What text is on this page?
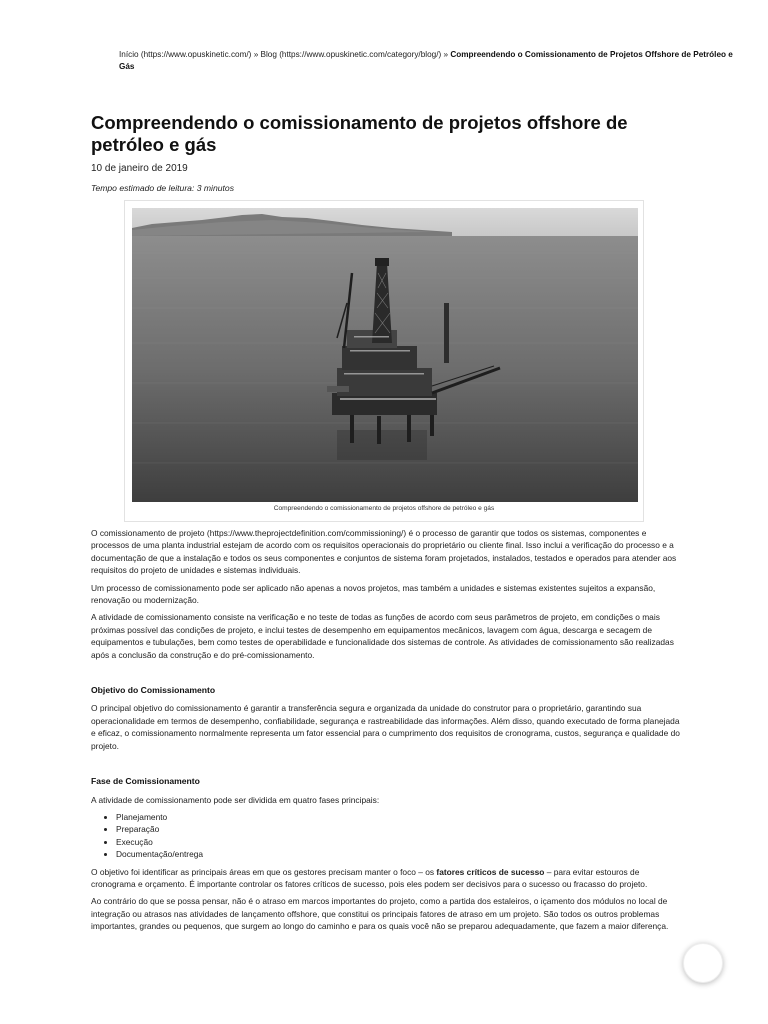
Início (https://www.opuskinetic.com/) » Blog (https://www.opuskinetic.com/category/blog/) » Compreendendo o Comissionamento de Projetos Offshore de Petróleo e Gás
Compreendendo o comissionamento de projetos offshore de petróleo e gás
10 de janeiro de 2019
Tempo estimado de leitura: 3 minutos
Compreendendo o comissionamento de projetos offshore de petróleo e gás

O comissionamento de projeto (https://www.theprojectdefinition.com/commissioning/) é o processo de garantir que todos os sistemas, componentes e processos de uma planta industrial estejam de acordo com os requisitos operacionais do proprietário ou cliente final. Isso inclui a verificação do processo e a documentação de que a instalação e todos os seus componentes e conjuntos de sistema foram projetados, instalados, testados e operados para atender aos requisitos do projeto de unidades e sistemas individuais.

Um processo de comissionamento pode ser aplicado não apenas a novos projetos, mas também a unidades e sistemas existentes sujeitos a expansão, renovação ou modernização.

A atividade de comissionamento consiste na verificação e no teste de todas as funções de acordo com seus parâmetros de projeto, em condições o mais próximas possível das condições de projeto, e inclui testes de desempenho em equipamentos mecânicos, lavagem com água, descarga e secagem de equipamentos e tubulações, bem como testes de operabilidade e funcionalidade dos sistemas de controle. As atividades de comissionamento são realizadas após a conclusão da construção e do pré-comissionamento.

Objetivo do Comissionamento

O principal objetivo do comissionamento é garantir a transferência segura e organizada da unidade do construtor para o proprietário, garantindo sua operacionalidade em termos de desempenho, confiabilidade, segurança e rastreabilidade das informações. Além disso, quando executado de forma planejada e eficaz, o comissionamento normalmente representa um fator essencial para o cumprimento dos requisitos de cronograma, custos, segurança e qualidade do projeto.

Fase de Comissionamento

A atividade de comissionamento pode ser dividida em quatro fases principais:

• Planejamento
• Preparação
• Execução
• Documentação/entrega

O objetivo foi identificar as principais áreas em que os gestores precisam manter o foco – os fatores críticos de sucesso – para evitar estouros de cronograma e orçamento. É importante controlar os fatores críticos de sucesso, pois eles podem ser decisivos para o sucesso ou fracasso do projeto.

Ao contrário do que se possa pensar, não é o atraso em marcos importantes do projeto, como a partida dos estaleiros, o içamento dos módulos no local de integração ou atrasos nas atividades de lançamento offshore, que constitui os principais fatores de atraso em um projeto. São todos os outros problemas importantes, grandes ou pequenos, que surgem ao longo do caminho e para os quais você não se preparou adequadamente, que fazem a maior diferença.
